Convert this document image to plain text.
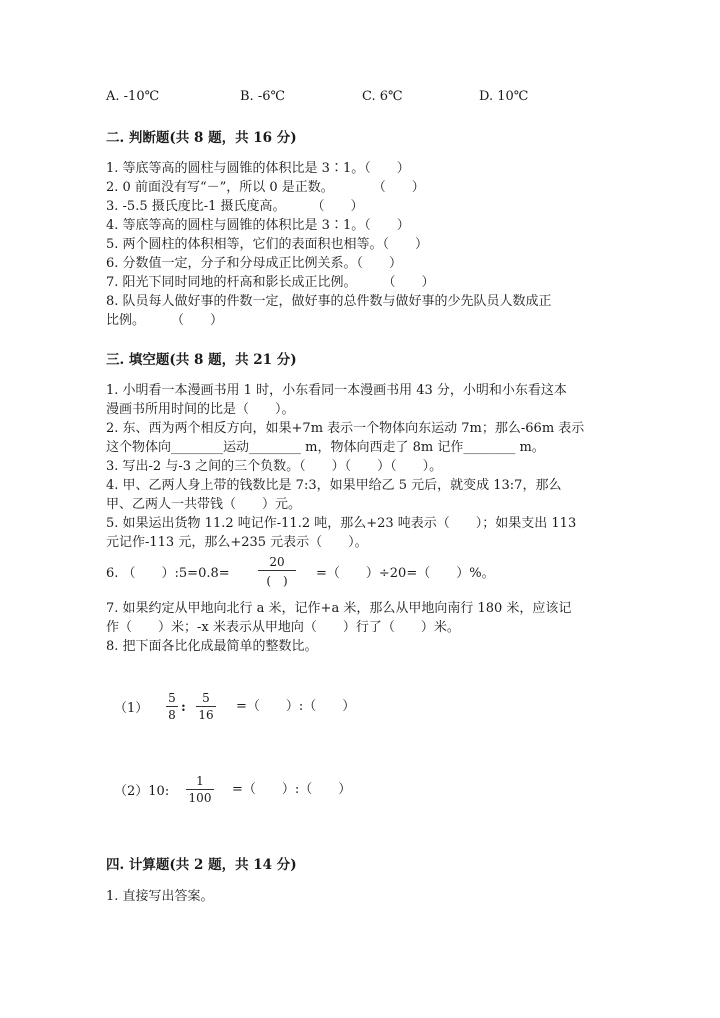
A. -10℃	B. -6℃	C. 6℃	D. 10℃
二. 判断题(共 8 题，共 16 分)
1. 等底等高的圆柱与圆锥的体积比是 3∶1。（　　）
2. 0 前面没有写“－”，所以 0 是正数。　　　　（　　）
3. -5.5 摄氏度比-1 摄氏度高。　　　（　　）
4. 等底等高的圆柱与圆锥的体积比是 3∶1。（　　）
5. 两个圆柱的体积相等，它们的表面积也相等。（　　）
6. 分数值一定，分子和分母成正比例关系。（　　）
7. 阳光下同时同地的杆高和影长成正比例。　　　（　　）
8. 队员每人做好事的件数一定，做好事的总件数与做好事的少先队员人数成正
比例。　　　（　　）
三. 填空题(共 8 题，共 21 分)
1. 小明看一本漫画书用 1 时，小东看同一本漫画书用 43 分，小明和小东看这本
漫画书所用时间的比是（　　）。
2. 东、西为两个相反方向，如果+7m 表示一个物体向东运动 7m；那么-66m 表示
这个物体向________运动________ m，物体向西走了 8m 记作________ m。
3. 写出-2 与-3 之间的三个负数。（　　）（　　）（　　）。
4. 甲、乙两人身上带的钱数比是 7:3，如果甲给乙 5 元后，就变成 13:7，那么
甲、乙两人一共带钱（　　）元。
5. 如果运出货物 11.2 吨记作-11.2 吨，那么+23 吨表示（　　）；如果支出 113
元记作-113 元，那么+235 元表示（　　）。
6. （　　）:5=0.8=
20
(　)	=（　　）÷20=（　　）%。
7. 如果约定从甲地向北行 a 米，记作+a 米，那么从甲地向南行 180 米，应该记
作（　　）米；-x 米表示从甲地向（　　）行了（　　）米。
8. 把下面各比化成最简单的整数比。
（1）
5
8 :
5
16
=（　　）:（　　）
（2）10:
1
100
=（　　）:（　　）
四. 计算题(共 2 题，共 14 分)
1. 直接写出答案。
